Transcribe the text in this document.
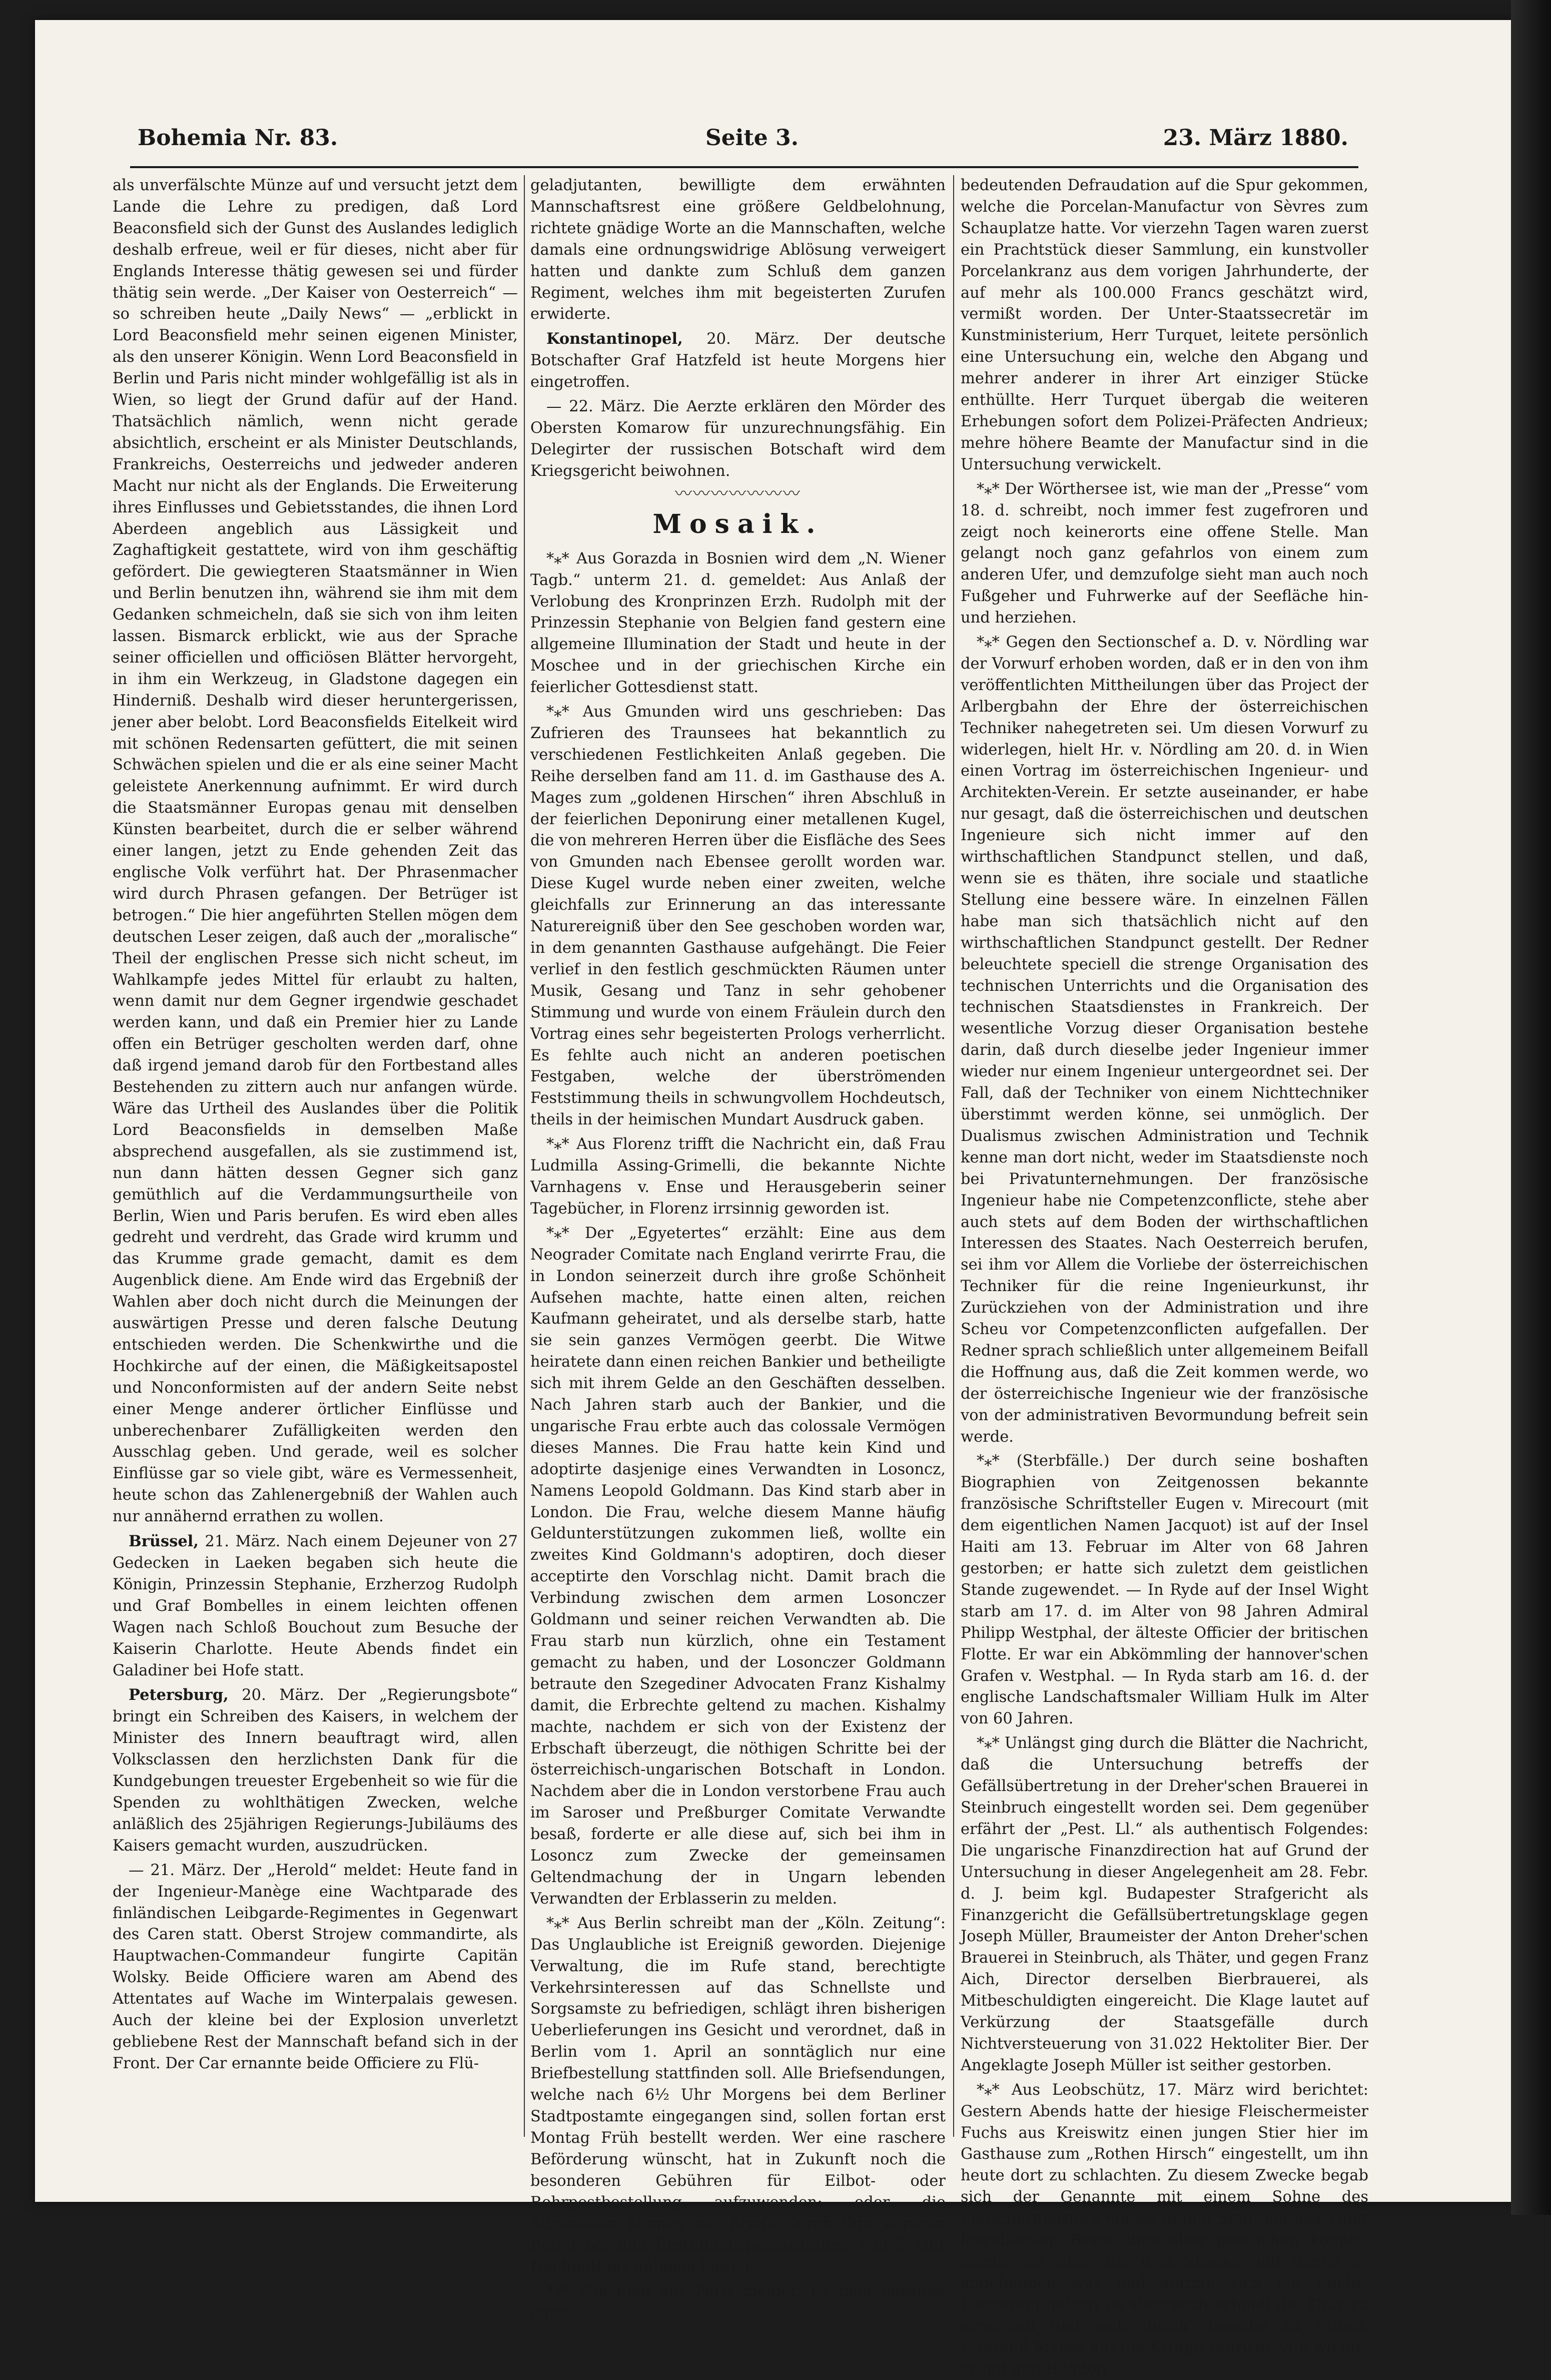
Bohemia Nr. 83.	Seite 3.	23. März 1880.

als unverfälschte Münze auf und versucht jetzt dem Lande die Lehre zu predigen, daß Lord Beaconsfield sich der Gunst des Auslandes lediglich deshalb erfreue, weil er für dieses, nicht aber für Englands Interesse thätig gewesen sei und fürder thätig sein werde. „Der Kaiser von Oesterreich“ — so schreiben heute „Daily News“ — „erblickt in Lord Beaconsfield mehr seinen eigenen Minister, als den unserer Königin. Wenn Lord Beaconsfield in Berlin und Paris nicht minder wohlgefällig ist als in Wien, so liegt der Grund dafür auf der Hand. Thatsächlich nämlich, wenn nicht gerade absichtlich, erscheint er als Minister Deutschlands, Frankreichs, Oesterreichs und jedweder anderen Macht nur nicht als der Englands. Die Erweiterung ihres Einflusses und Gebietsstandes, die ihnen Lord Aberdeen angeblich aus Lässigkeit und Zaghaftigkeit gestattete, wird von ihm geschäftig gefördert. Die gewiegteren Staatsmänner in Wien und Berlin benutzen ihn, während sie ihm mit dem Gedanken schmeicheln, daß sie sich von ihm leiten lassen. Bismarck erblickt, wie aus der Sprache seiner officiellen und officiösen Blätter hervorgeht, in ihm ein Werkzeug, in Gladstone dagegen ein Hinderniß. Deshalb wird dieser heruntergerissen, jener aber belobt. Lord Beaconsfields Eitelkeit wird mit schönen Redensarten gefüttert, die mit seinen Schwächen spielen und die er als eine seiner Macht geleistete Anerkennung aufnimmt. Er wird durch die Staatsmänner Europas genau mit denselben Künsten bearbeitet, durch die er selber während einer langen, jetzt zu Ende gehenden Zeit das englische Volk verführt hat. Der Phrasenmacher wird durch Phrasen gefangen. Der Betrüger ist betrogen.“ Die hier angeführten Stellen mögen dem deutschen Leser zeigen, daß auch der „moralische“ Theil der englischen Presse sich nicht scheut, im Wahlkampfe jedes Mittel für erlaubt zu halten, wenn damit nur dem Gegner irgendwie geschadet werden kann, und daß ein Premier hier zu Lande offen ein Betrüger gescholten werden darf, ohne daß irgend jemand darob für den Fortbestand alles Bestehenden zu zittern auch nur anfangen würde. Wäre das Urtheil des Auslandes über die Politik Lord Beaconsfields in demselben Maße absprechend ausgefallen, als sie zustimmend ist, nun dann hätten dessen Gegner sich ganz gemüthlich auf die Verdammungsurtheile von Berlin, Wien und Paris berufen. Es wird eben alles gedreht und verdreht, das Grade wird krumm und das Krumme grade gemacht, damit es dem Augenblick diene. Am Ende wird das Ergebniß der Wahlen aber doch nicht durch die Meinungen der auswärtigen Presse und deren falsche Deutung entschieden werden. Die Schenkwirthe und die Hochkirche auf der einen, die Mäßigkeitsapostel und Nonconformisten auf der andern Seite nebst einer Menge anderer örtlicher Einflüsse und unberechenbarer Zufälligkeiten werden den Ausschlag geben. Und gerade, weil es solcher Einflüsse gar so viele gibt, wäre es Vermessenheit, heute schon das Zahlenergebniß der Wahlen auch nur annähernd errathen zu wollen.

Brüssel, 21. März. Nach einem Dejeuner von 27 Gedecken in Laeken begaben sich heute die Königin, Prinzessin Stephanie, Erzherzog Rudolph und Graf Bombelles in einem leichten offenen Wagen nach Schloß Bouchout zum Besuche der Kaiserin Charlotte. Heute Abends findet ein Galadiner bei Hofe statt.

Petersburg, 20. März. Der „Regierungsbote“ bringt ein Schreiben des Kaisers, in welchem der Minister des Innern beauftragt wird, allen Volksclassen den herzlichsten Dank für die Kundgebungen treuester Ergebenheit so wie für die Spenden zu wohlthätigen Zwecken, welche anläßlich des 25jährigen Regierungs-Jubiläums des Kaisers gemacht wurden, auszudrücken.

— 21. März. Der „Herold“ meldet: Heute fand in der Ingenieur-Manège eine Wachtparade des finländischen Leibgarde-Regimentes in Gegenwart des Caren statt. Oberst Strojew commandirte, als Hauptwachen-Commandeur fungirte Capitän Wolsky. Beide Officiere waren am Abend des Attentates auf Wache im Winterpalais gewesen. Auch der kleine bei der Explosion unverletzt gebliebene Rest der Mannschaft befand sich in der Front. Der Car ernannte beide Officiere zu Flü-

geladjutanten, bewilligte dem erwähnten Mannschaftsrest eine größere Geldbelohnung, richtete gnädige Worte an die Mannschaften, welche damals eine ordnungswidrige Ablösung verweigert hatten und dankte zum Schluß dem ganzen Regiment, welches ihm mit begeisterten Zurufen erwiderte.

Konstantinopel, 20. März. Der deutsche Botschafter Graf Hatzfeld ist heute Morgens hier eingetroffen.

— 22. März. Die Aerzte erklären den Mörder des Obersten Komarow für unzurechnungsfähig. Ein Delegirter der russischen Botschaft wird dem Kriegsgericht beiwohnen.

〰〰〰〰〰〰〰
Mosaik.

*⁎* Aus Gorazda in Bosnien wird dem „N. Wiener Tagb.“ unterm 21. d. gemeldet: Aus Anlaß der Verlobung des Kronprinzen Erzh. Rudolph mit der Prinzessin Stephanie von Belgien fand gestern eine allgemeine Illumination der Stadt und heute in der Moschee und in der griechischen Kirche ein feierlicher Gottesdienst statt.

*⁎* Aus Gmunden wird uns geschrieben: Das Zufrieren des Traunsees hat bekanntlich zu verschiedenen Festlichkeiten Anlaß gegeben. Die Reihe derselben fand am 11. d. im Gasthause des A. Mages zum „goldenen Hirschen“ ihren Abschluß in der feierlichen Deponirung einer metallenen Kugel, die von mehreren Herren über die Eisfläche des Sees von Gmunden nach Ebensee gerollt worden war. Diese Kugel wurde neben einer zweiten, welche gleichfalls zur Erinnerung an das interessante Naturereigniß über den See geschoben worden war, in dem genannten Gasthause aufgehängt. Die Feier verlief in den festlich geschmückten Räumen unter Musik, Gesang und Tanz in sehr gehobener Stimmung und wurde von einem Fräulein durch den Vortrag eines sehr begeisterten Prologs verherrlicht. Es fehlte auch nicht an anderen poetischen Festgaben, welche der überströmenden Feststimmung theils in schwungvollem Hochdeutsch, theils in der heimischen Mundart Ausdruck gaben.

*⁎* Aus Florenz trifft die Nachricht ein, daß Frau Ludmilla Assing-Grimelli, die bekannte Nichte Varnhagens v. Ense und Herausgeberin seiner Tagebücher, in Florenz irrsinnig geworden ist.

*⁎* Der „Egyetertes“ erzählt: Eine aus dem Neograder Comitate nach England verirrte Frau, die in London seinerzeit durch ihre große Schönheit Aufsehen machte, hatte einen alten, reichen Kaufmann geheiratet, und als derselbe starb, hatte sie sein ganzes Vermögen geerbt. Die Witwe heiratete dann einen reichen Bankier und betheiligte sich mit ihrem Gelde an den Geschäften desselben. Nach Jahren starb auch der Bankier, und die ungarische Frau erbte auch das colossale Vermögen dieses Mannes. Die Frau hatte kein Kind und adoptirte dasjenige eines Verwandten in Losoncz, Namens Leopold Goldmann. Das Kind starb aber in London. Die Frau, welche diesem Manne häufig Geldunterstützungen zukommen ließ, wollte ein zweites Kind Goldmann's adoptiren, doch dieser acceptirte den Vorschlag nicht. Damit brach die Verbindung zwischen dem armen Losonczer Goldmann und seiner reichen Verwandten ab. Die Frau starb nun kürzlich, ohne ein Testament gemacht zu haben, und der Losonczer Goldmann betraute den Szegediner Advocaten Franz Kishalmy damit, die Erbrechte geltend zu machen. Kishalmy machte, nachdem er sich von der Existenz der Erbschaft überzeugt, die nöthigen Schritte bei der österreichisch-ungarischen Botschaft in London. Nachdem aber die in London verstorbene Frau auch im Saroser und Preßburger Comitate Verwandte besaß, forderte er alle diese auf, sich bei ihm in Losoncz zum Zwecke der gemeinsamen Geltendmachung der in Ungarn lebenden Verwandten der Erblasserin zu melden.

*⁎* Aus Berlin schreibt man der „Köln. Zeitung“: Das Unglaubliche ist Ereigniß geworden. Diejenige Verwaltung, die im Rufe stand, berechtigte Verkehrsinteressen auf das Schnellste und Sorgsamste zu befriedigen, schlägt ihren bisherigen Ueberlieferungen ins Gesicht und verordnet, daß in Berlin vom 1. April an sonntäglich nur eine Briefbestellung stattfinden soll. Alle Briefsendungen, welche nach 6½ Uhr Morgens bei dem Berliner Stadtpostamte eingegangen sind, sollen fortan erst Montag Früh bestellt werden. Wer eine raschere Beförderung wünscht, hat in Zukunft noch die besonderen Gebühren für Eilbot- oder Rohrpostbestellung aufzuwenden; oder die Adressaten können die Briefe durch ihre eigenen Boten bei den Bestellungspostanstalten von 5 Uhr Nachmittags abholen lassen.

*⁎* Wie man aus Paris meldet, ist man daselbst einer

bedeutenden Defraudation auf die Spur gekommen, welche die Porcelan-Manufactur von Sèvres zum Schauplatze hatte. Vor vierzehn Tagen waren zuerst ein Prachtstück dieser Sammlung, ein kunstvoller Porcelankranz aus dem vorigen Jahrhunderte, der auf mehr als 100.000 Francs geschätzt wird, vermißt worden. Der Unter-Staatssecretär im Kunstministerium, Herr Turquet, leitete persönlich eine Untersuchung ein, welche den Abgang und mehrer anderer in ihrer Art einziger Stücke enthüllte. Herr Turquet übergab die weiteren Erhebungen sofort dem Polizei-Präfecten Andrieux; mehre höhere Beamte der Manufactur sind in die Untersuchung verwickelt.

*⁎* Der Wörthersee ist, wie man der „Presse“ vom 18. d. schreibt, noch immer fest zugefroren und zeigt noch keinerorts eine offene Stelle. Man gelangt noch ganz gefahrlos von einem zum anderen Ufer, und demzufolge sieht man auch noch Fußgeher und Fuhrwerke auf der Seefläche hin- und herziehen.

*⁎* Gegen den Sectionschef a. D. v. Nördling war der Vorwurf erhoben worden, daß er in den von ihm veröffentlichten Mittheilungen über das Project der Arlbergbahn der Ehre der österreichischen Techniker nahegetreten sei. Um diesen Vorwurf zu widerlegen, hielt Hr. v. Nördling am 20. d. in Wien einen Vortrag im österreichischen Ingenieur- und Architekten-Verein. Er setzte auseinander, er habe nur gesagt, daß die österreichischen und deutschen Ingenieure sich nicht immer auf den wirthschaftlichen Standpunct stellen, und daß, wenn sie es thäten, ihre sociale und staatliche Stellung eine bessere wäre. In einzelnen Fällen habe man sich thatsächlich nicht auf den wirthschaftlichen Standpunct gestellt. Der Redner beleuchtete speciell die strenge Organisation des technischen Unterrichts und die Organisation des technischen Staatsdienstes in Frankreich. Der wesentliche Vorzug dieser Organisation bestehe darin, daß durch dieselbe jeder Ingenieur immer wieder nur einem Ingenieur untergeordnet sei. Der Fall, daß der Techniker von einem Nichttechniker überstimmt werden könne, sei unmöglich. Der Dualismus zwischen Administration und Technik kenne man dort nicht, weder im Staatsdienste noch bei Privatunternehmungen. Der französische Ingenieur habe nie Competenzconflicte, stehe aber auch stets auf dem Boden der wirthschaftlichen Interessen des Staates. Nach Oesterreich berufen, sei ihm vor Allem die Vorliebe der österreichischen Techniker für die reine Ingenieurkunst, ihr Zurückziehen von der Administration und ihre Scheu vor Competenzconflicten aufgefallen. Der Redner sprach schließlich unter allgemeinem Beifall die Hoffnung aus, daß die Zeit kommen werde, wo der österreichische Ingenieur wie der französische von der administrativen Bevormundung befreit sein werde.

*⁎* (Sterbfälle.) Der durch seine boshaften Biographien von Zeitgenossen bekannte französische Schriftsteller Eugen v. Mirecourt (mit dem eigentlichen Namen Jacquot) ist auf der Insel Haiti am 13. Februar im Alter von 68 Jahren gestorben; er hatte sich zuletzt dem geistlichen Stande zugewendet. — In Ryde auf der Insel Wight starb am 17. d. im Alter von 98 Jahren Admiral Philipp Westphal, der älteste Officier der britischen Flotte. Er war ein Abkömmling der hannover'schen Grafen v. Westphal. — In Ryda starb am 16. d. der englische Landschaftsmaler William Hulk im Alter von 60 Jahren.

*⁎* Unlängst ging durch die Blätter die Nachricht, daß die Untersuchung betreffs der Gefällsübertretung in der Dreher'schen Brauerei in Steinbruch eingestellt worden sei. Dem gegenüber erfährt der „Pest. Ll.“ als authentisch Folgendes: Die ungarische Finanzdirection hat auf Grund der Untersuchung in dieser Angelegenheit am 28. Febr. d. J. beim kgl. Budapester Strafgericht als Finanzgericht die Gefällsübertretungsklage gegen Joseph Müller, Braumeister der Anton Dreher'schen Brauerei in Steinbruch, als Thäter, und gegen Franz Aich, Director derselben Bierbrauerei, als Mitbeschuldigten eingereicht. Die Klage lautet auf Verkürzung der Staatsgefälle durch Nichtversteuerung von 31.022 Hektoliter Bier. Der Angeklagte Joseph Müller ist seither gestorben.

*⁎* Aus Leobschütz, 17. März wird berichtet: Gestern Abends hatte der hiesige Fleischermeister Fuchs aus Kreiswitz einen jungen Stier hier im Gasthause zum „Rothen Hirsch“ eingestellt, um ihn heute dort zu schlachten. Zu diesem Zwecke begab sich der Genannte mit einem Sohne des Fleischermeisters Maase in den Stall, um das Thier loszubinden. Bevor dies aber geschehen konnte, zerriß der Stier die drei Stricke, mit denen er angebunden war und stürzte sich auf Fuchs; Letzterem gelang es aber noch schnell die Thür zu erreichen und sich durch dieselbe zu retten, während Maase auf die Krippe retirirte, von wo aus er mit den Händen
